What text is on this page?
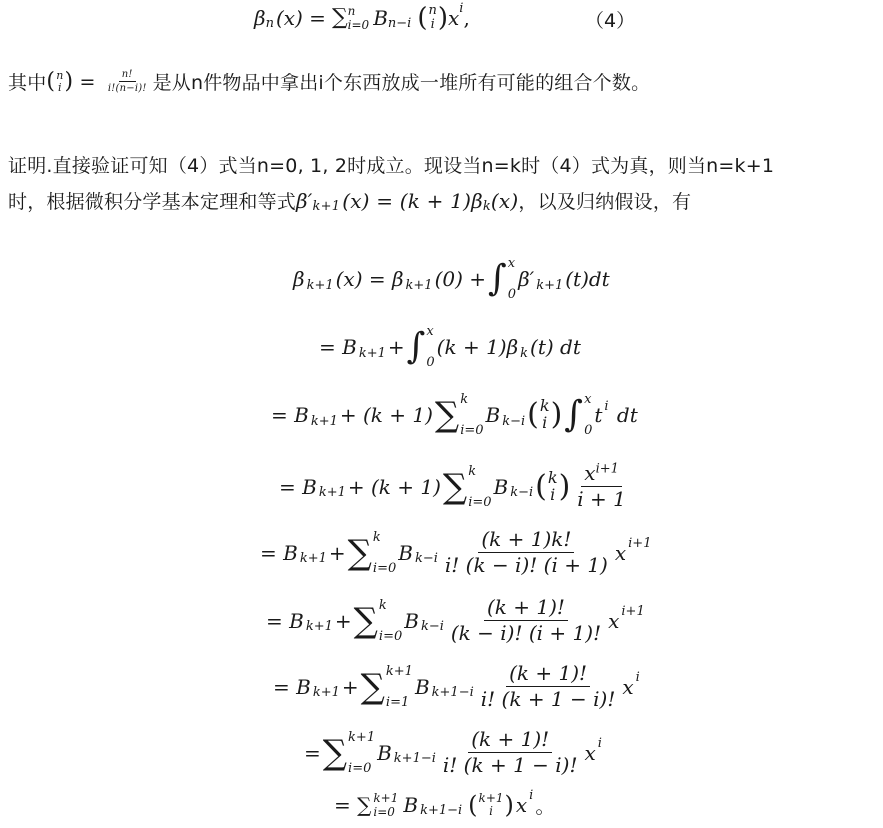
β n (x) = ∑ n
i=0 B n−i ( n
i ) x i ,	（4）
其中 ( n
i ) = $\frac{n!}{i!(n-i)!}$ 是从n件物品中拿出i个东西放成一堆所有可能的组合个数。
证明.直接验证可知（4）式当n=0, 1, 2时成立。现设当n=k时（4）式为真，则当n=k+1
时，根据微积分学基本定理和等式 β′ k+1 (x) = (k + 1)β k (x) ，以及归纳假设，有
β k+1 (x) = β k+1 (0) + ∫ x
0
β′ k+1 (t)dt
= B k+1 + ∫ x
0
(k + 1)β k (t) dt
= B k+1 + (k + 1) ∑ k
i=0
B k−i ( k
i ) ∫ x
0
t i dt
= B k+1 + (k + 1) ∑ k
i=0
B k−i ( k
i ) $\frac{x^{i+1}}{i + 1}$
= B k+1 + ∑ k
i=0
B $k-i \frac{(k + 1)k!}{i! (k - i)! (i + 1)}$ x i+1
= B k+1 + ∑ k
i=0
B $k-i \frac{(k + 1)!}{(k - i)! (i + 1)!}$ x i+1
= B k+1 + ∑ k+1
i=1
B $k+1-i \frac{(k + 1)!}{i! (k + 1 - i)!}$ x i
= ∑ k+1
i=0
B $k+1-i \frac{(k + 1)!}{i! (k + 1 - i)!}$ x i
= ∑ k+1
i=0 B k+1−i ( k+1
i ) x i 。
